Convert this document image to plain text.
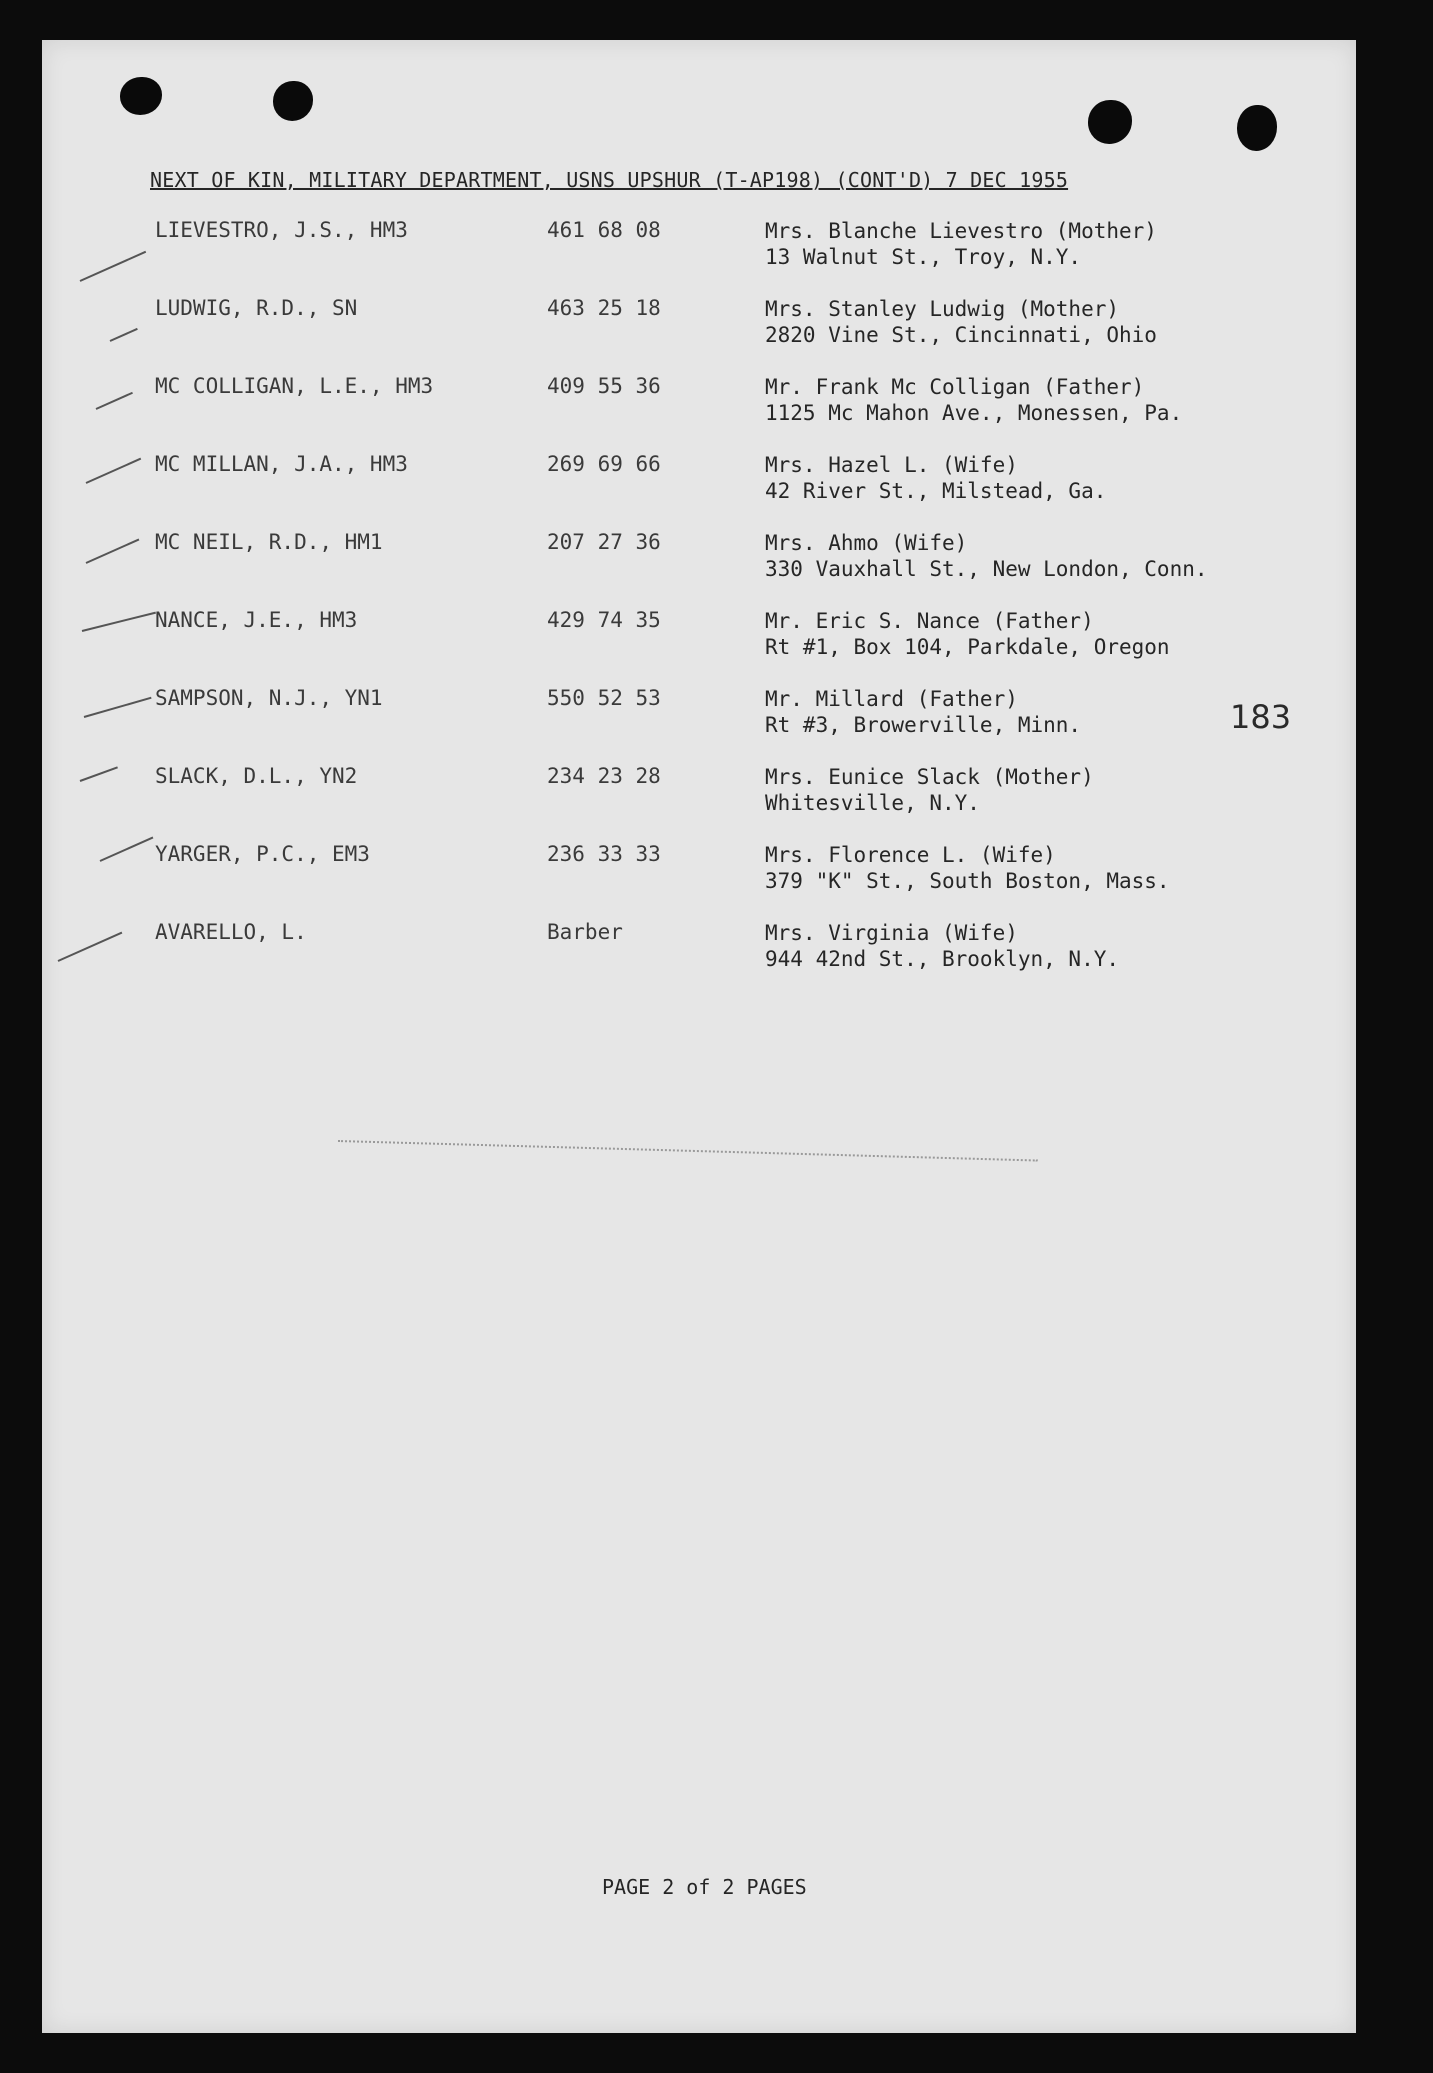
NEXT OF KIN, MILITARY DEPARTMENT, USNS UPSHUR (T-AP198) (CONT'D) 7 DEC 1955
LIEVESTRO, J.S., HM3	461 68 08	Mrs. Blanche Lievestro (Mother)
13 Walnut St., Troy, N.Y.
LUDWIG, R.D., SN	463 25 18	Mrs. Stanley Ludwig (Mother)
2820 Vine St., Cincinnati, Ohio
MC COLLIGAN, L.E., HM3	409 55 36	Mr. Frank Mc Colligan (Father)
1125 Mc Mahon Ave., Monessen, Pa.
MC MILLAN, J.A., HM3	269 69 66	Mrs. Hazel L. (Wife)
42 River St., Milstead, Ga.
MC NEIL, R.D., HM1	207 27 36	Mrs. Ahmo (Wife)
330 Vauxhall St., New London, Conn.
NANCE, J.E., HM3	429 74 35	Mr. Eric S. Nance (Father)
Rt #1, Box 104, Parkdale, Oregon
SAMPSON, N.J., YN1	550 52 53	Mr. Millard (Father)
Rt #3, Browerville, Minn.
SLACK, D.L., YN2	234 23 28	Mrs. Eunice Slack (Mother)
Whitesville, N.Y.
YARGER, P.C., EM3	236 33 33	Mrs. Florence L. (Wife)
379 "K" St., South Boston, Mass.
AVARELLO, L.	Barber	Mrs. Virginia (Wife)
944 42nd St., Brooklyn, N.Y.
183
PAGE 2 of 2 PAGES
